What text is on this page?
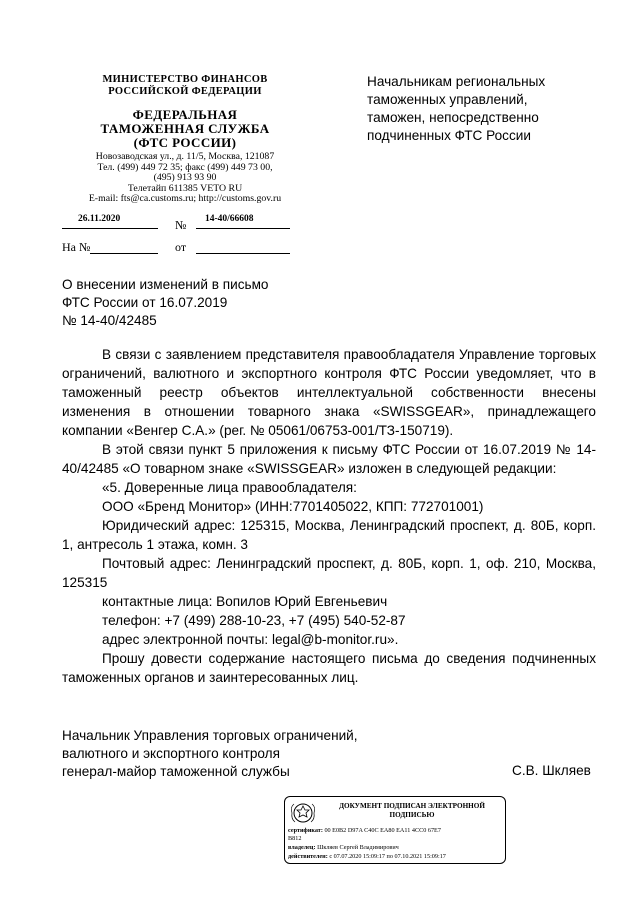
МИНИСТЕРСТВО ФИНАНСОВ
РОССИЙСКОЙ ФЕДЕРАЦИИ
ФЕДЕРАЛЬНАЯ
ТАМОЖЕННАЯ СЛУЖБА
(ФТС РОССИИ)
Новозаводская ул., д. 11/5, Москва, 121087
Тел. (499) 449 72 35; факс (499) 449 73 00,
(495) 913 93 90
Телетайп 611385 VETO RU
E-mail: fts@ca.customs.ru; http://customs.gov.ru
26.11.2020	№ 14-40/66608
На №	от
Начальникам региональных
таможенных управлений,
таможен, непосредственно
подчиненных ФТС России
О внесении изменений в письмо
ФТС России от 16.07.2019
№ 14-40/42485

В связи с заявлением представителя правообладателя Управление торговых ограничений, валютного и экспортного контроля ФТС России уведомляет, что в таможенный реестр объектов интеллектуальной собственности внесены изменения в отношении товарного знака «SWISSGEAR», принадлежащего компании «Венгер С.А.» (рег. № 05061/06753-001/ТЗ-150719).

В этой связи пункт 5 приложения к письму ФТС России от 16.07.2019 № 14-40/42485 «О товарном знаке «SWISSGEAR» изложен в следующей редакции:

«5. Доверенные лица правообладателя:

ООО «Бренд Монитор» (ИНН:7701405022, КПП: 772701001)

Юридический адрес: 125315, Москва, Ленинградский проспект, д. 80Б, корп. 1, антресоль 1 этажа, комн. 3

Почтовый адрес: Ленинградский проспект, д. 80Б, корп. 1, оф. 210, Москва, 125315

контактные лица: Вопилов Юрий Евгеньевич

телефон: +7 (499) 288-10-23, +7 (495) 540-52-87

адрес электронной почты: legal@b-monitor.ru».

Прошу довести содержание настоящего письма до сведения подчиненных таможенных органов и заинтересованных лиц.

Начальник Управления торговых ограничений,
валютного и экспортного контроля
генерал-майор таможенной службы	С.В. Шкляев
ДОКУМЕНТ ПОДПИСАН ЭЛЕКТРОННОЙ ПОДПИСЬЮ
сертификат: 00 E0B2 D97A C40C EA80 EA11 4CC0 67E7
B812
владелец: Шкляев Сергей Владимирович
действителен: с 07.07.2020 15:09:17 по 07.10.2021 15:09:17
